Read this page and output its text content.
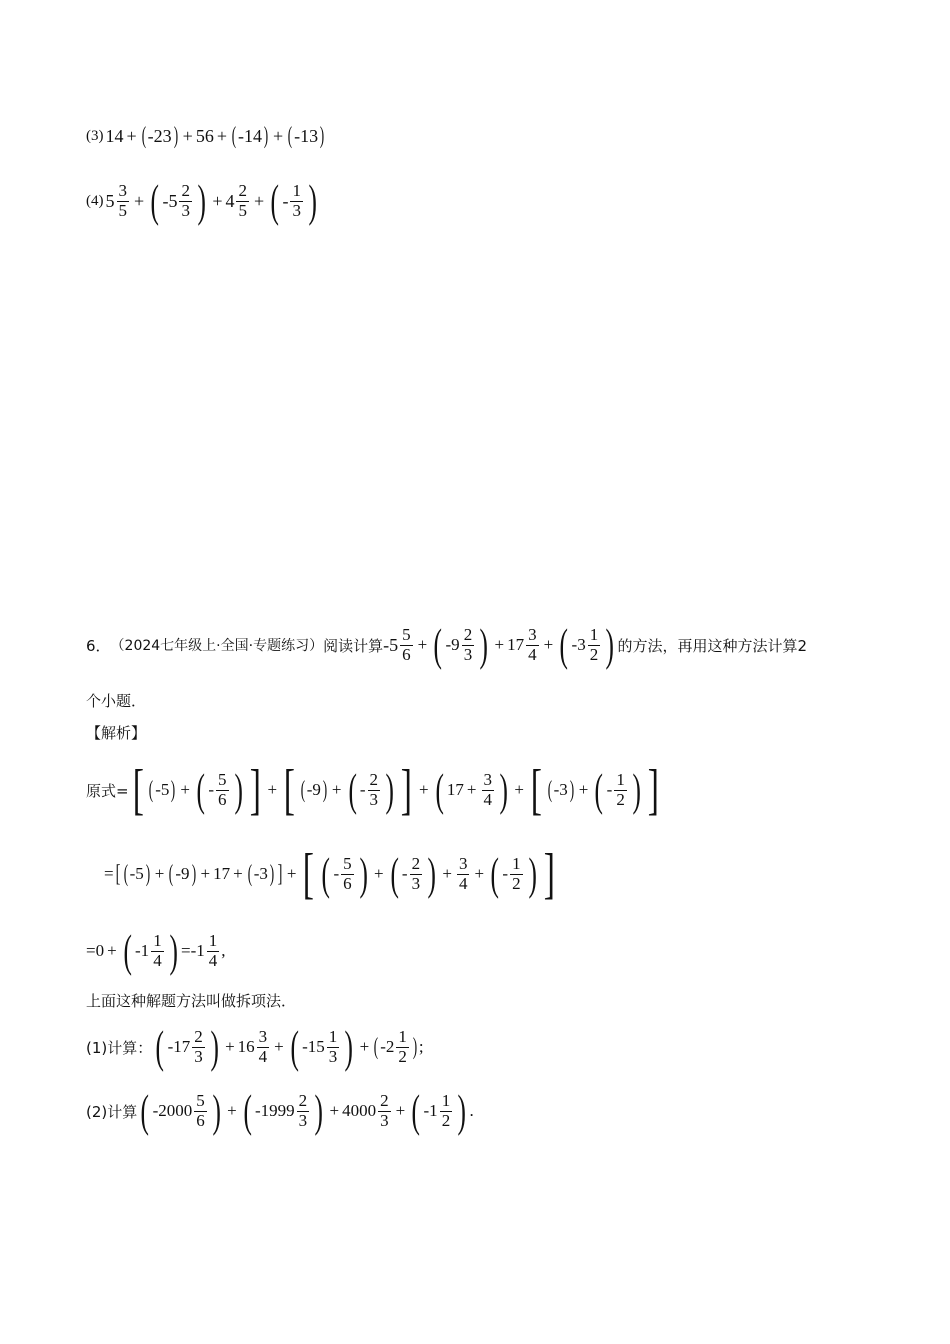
(3) 14 + ( -23 ) + 56 + ( -14 ) + ( -13 )
(4) $5 \frac{3}{5}$ + ( $-5 \frac{2}{3}$ ) + $4 \frac{2}{5}$ + ( - $\frac{1}{3}$ )
6． （2024七年级上·全国·专题练习） 阅读计算 $-5 \frac{5}{6}$ + ( $-9 \frac{2}{3}$ ) + $17 \frac{3}{4}$ + ( $-3 \frac{1}{2}$ ) 的方法，再用这种方法计算2
个小题．
【解析】
原式= [ ( -5 ) + ( - $\frac{5}{6}$ ) ] + [ ( -9 ) + ( - $\frac{2}{3}$ ) ] + ( $17 + \frac{3}{4}$ ) + [ ( -3 ) + ( - $\frac{1}{2}$ ) ]
= [ ( -5 ) + ( -9 ) + 17 + ( -3 ) ] + [ ( - $\frac{5}{6}$ ) + ( - $\frac{2}{3}$ ) + $\frac{3}{4}$ + ( - $\frac{1}{2}$ ) ]
=0 + ( $-1 \frac{1}{4}$ ) $=-1 \frac{1}{4}$ ,
上面这种解题方法叫做拆项法．
(1)计算： ( $-17 \frac{2}{3}$ ) + $16 \frac{3}{4}$ + ( $-15 \frac{1}{3}$ ) + ( $-2 \frac{1}{2}$ ) ;
(2)计算 ( $-2000 \frac{5}{6}$ ) + ( $-1999 \frac{2}{3}$ ) + $4000 \frac{2}{3}$ + ( $-1 \frac{1}{2}$ ) .
